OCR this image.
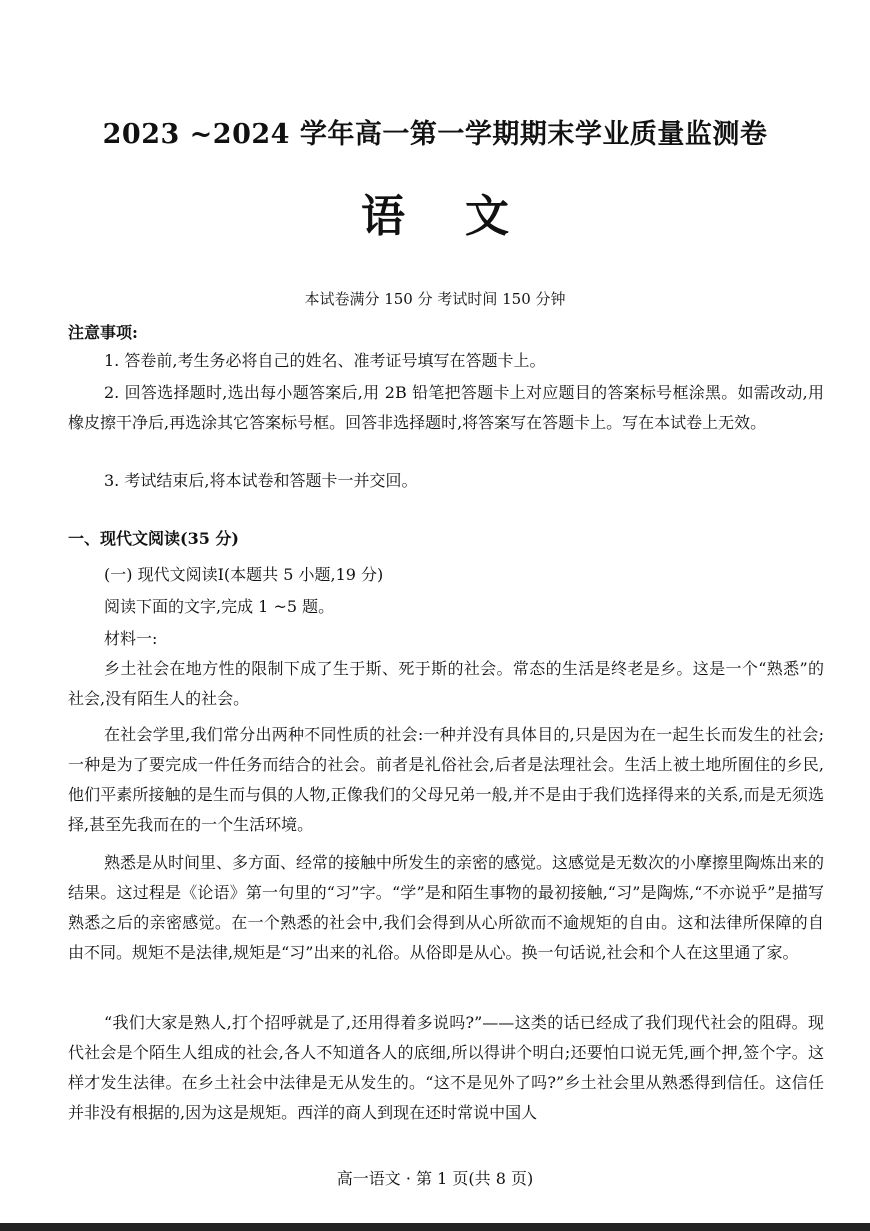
2023 ~2024 学年高一第一学期期末学业质量监测卷
语文
本试卷满分 150 分 考试时间 150 分钟
注意事项:
1. 答卷前,考生务必将自己的姓名、准考证号填写在答题卡上。
2. 回答选择题时,选出每小题答案后,用 2B 铅笔把答题卡上对应题目的答案标号框涂黑。如需改动,用橡皮擦干净后,再选涂其它答案标号框。回答非选择题时,将答案写在答题卡上。写在本试卷上无效。
3. 考试结束后,将本试卷和答题卡一并交回。
一、现代文阅读(35 分)
(一) 现代文阅读Ⅰ(本题共 5 小题,19 分)
阅读下面的文字,完成 1 ~5 题。
材料一:
乡土社会在地方性的限制下成了生于斯、死于斯的社会。常态的生活是终老是乡。这是一个“熟悉”的社会,没有陌生人的社会。
在社会学里,我们常分出两种不同性质的社会:一种并没有具体目的,只是因为在一起生长而发生的社会;一种是为了要完成一件任务而结合的社会。前者是礼俗社会,后者是法理社会。生活上被土地所囿住的乡民,他们平素所接触的是生而与俱的人物,正像我们的父母兄弟一般,并不是由于我们选择得来的关系,而是无须选择,甚至先我而在的一个生活环境。
熟悉是从时间里、多方面、经常的接触中所发生的亲密的感觉。这感觉是无数次的小摩擦里陶炼出来的结果。这过程是《论语》第一句里的“习”字。“学”是和陌生事物的最初接触,“习”是陶炼,“不亦说乎”是描写熟悉之后的亲密感觉。在一个熟悉的社会中,我们会得到从心所欲而不逾规矩的自由。这和法律所保障的自由不同。规矩不是法律,规矩是“习”出来的礼俗。从俗即是从心。换一句话说,社会和个人在这里通了家。
“我们大家是熟人,打个招呼就是了,还用得着多说吗?”——这类的话已经成了我们现代社会的阻碍。现代社会是个陌生人组成的社会,各人不知道各人的底细,所以得讲个明白;还要怕口说无凭,画个押,签个字。这样才发生法律。在乡土社会中法律是无从发生的。“这不是见外了吗?”乡土社会里从熟悉得到信任。这信任并非没有根据的,因为这是规矩。西洋的商人到现在还时常说中国人
高一语文 · 第 1 页(共 8 页)
